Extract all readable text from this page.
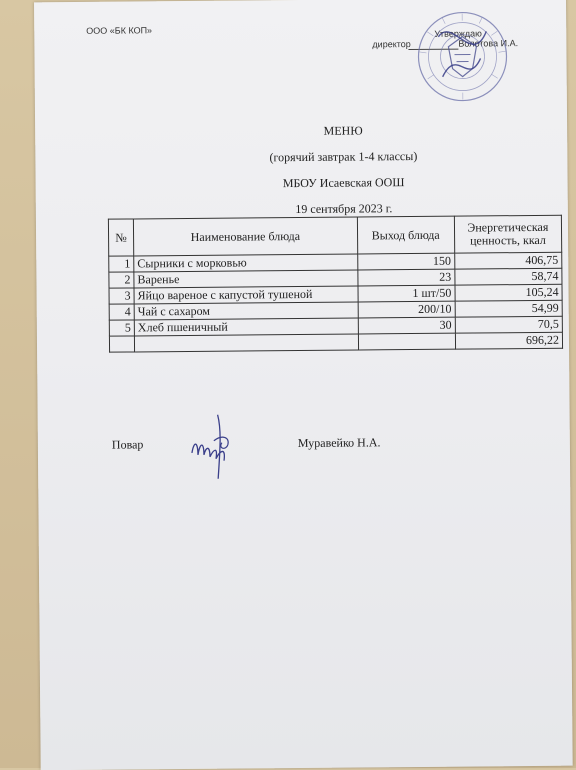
ООО «БК КОП»	Утверждаю
директор	Волотова И.А.
МЕНЮ
(горячий завтрак 1-4 классы)
МБОУ Исаевская ООШ
19 сентября 2023 г.
№	Наименование блюда	Выход блюда	Энергетическая ценность, ккал
1	Сырники с морковью	150	406,75
2	Варенье	23	58,74
3	Яйцо вареное с капустой тушеной	1 шт/50	105,24
4	Чай с сахаром	200/10	54,99
5	Хлеб пшеничный	30	70,5
			696,22
Повар	Муравейко Н.А.
